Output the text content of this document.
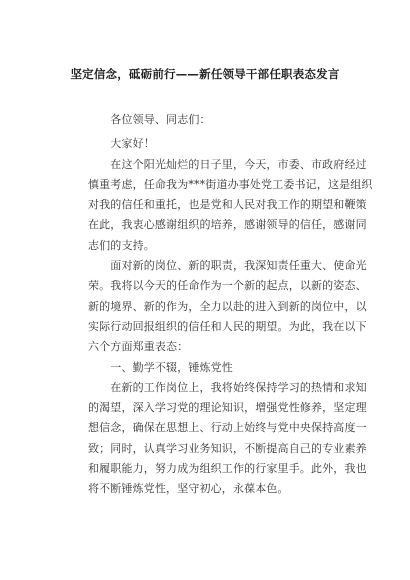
坚定信念，砥砺前行——新任领导干部任职表态发言
　　各位领导、同志们：
　　大家好！
　　在这个阳光灿烂的日子里，今天，市委、市政府经过
慎重考虑，任命我为***街道办事处党工委书记，这是组织
对我的信任和重托，也是党和人民对我工作的期望和鞭策
在此，我衷心感谢组织的培养，感谢领导的信任，感谢同
志们的支持。
　　面对新的岗位、新的职责，我深知责任重大、使命光
荣。我将以今天的任命作为一个新的起点，以新的姿态、
新的境界、新的作为，全力以赴的进入到新的岗位中，以
实际行动回报组织的信任和人民的期望。为此，我在以下
六个方面郑重表态：
　　一、勤学不辍，锤炼党性
　　在新的工作岗位上，我将始终保持学习的热情和求知
的渴望，深入学习党的理论知识，增强党性修养，坚定理
想信念，确保在思想上、行动上始终与党中央保持高度一
致；同时，认真学习业务知识，不断提高自己的专业素养
和履职能力，努力成为组织工作的行家里手。此外，我也
将不断锤炼党性，坚守初心，永葆本色。
